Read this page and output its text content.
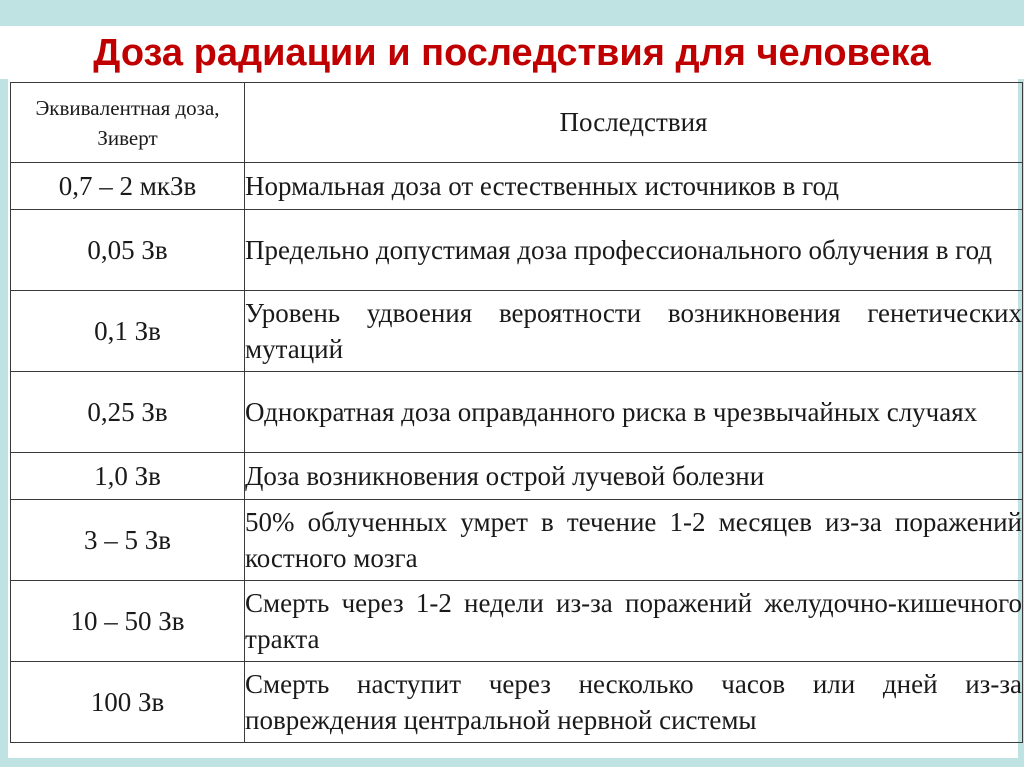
Доза радиации и последствия для человека
Эквивалентная доза, Зиверт	Последствия
0,7 – 2 мкЗв	Нормальная доза от естественных источников в год
0,05 Зв	Предельно допустимая доза профессионального облучения в год
0,1 Зв	Уровень удвоения вероятности возникновения генетических мутаций
0,25 Зв	Однократная доза оправданного риска в чрезвычайных случаях
1,0 Зв	Доза возникновения острой лучевой болезни
3 – 5 Зв	50% облученных умрет в течение 1-2 месяцев из-за поражений костного мозга
10 – 50 Зв	Смерть через 1-2 недели из-за поражений желудочно-кишечного тракта
100 Зв	Смерть наступит через несколько часов или дней из-за повреждения центральной нервной системы
